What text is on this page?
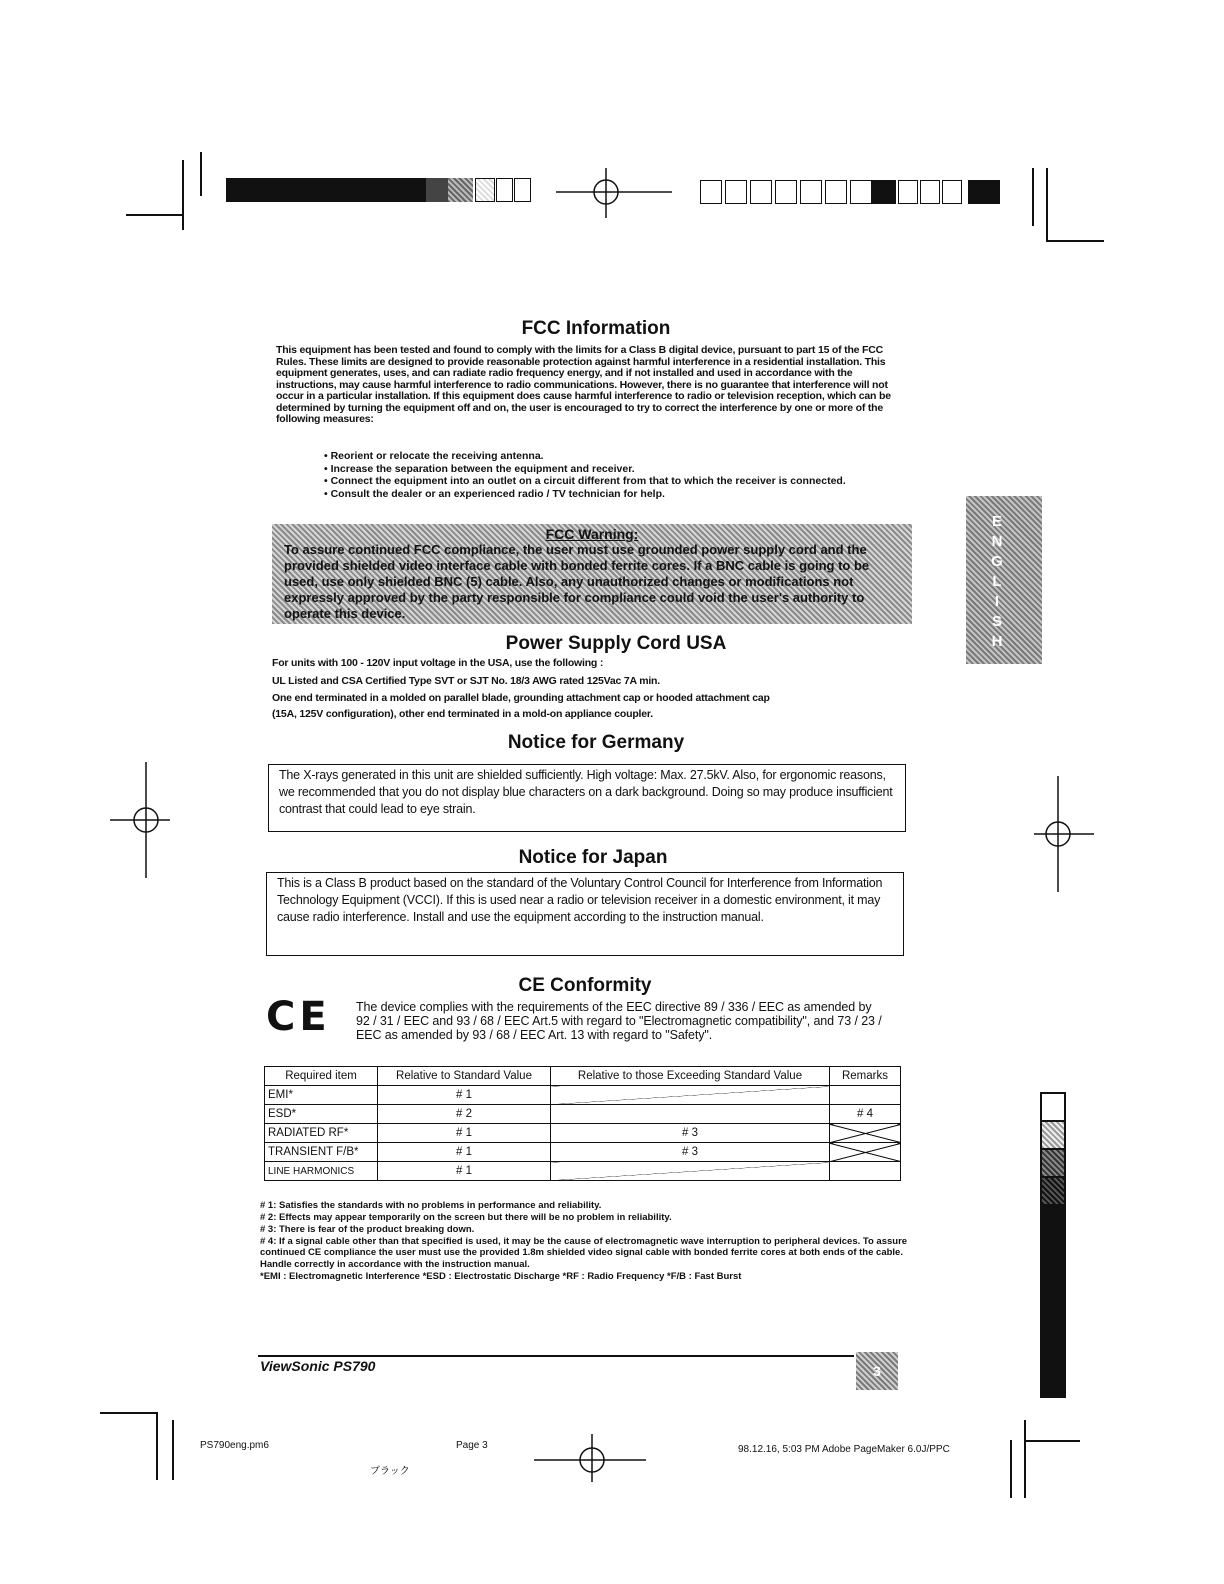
E
N
G
L
I
S
H
FCC Information
This equipment has been tested and found to comply with the limits for a Class B digital device, pursuant to part 15 of the FCC Rules. These limits are designed to provide reasonable protection against harmful interference in a residential installation. This equipment generates, uses, and can radiate radio frequency energy, and if not installed and used in accordance with the instructions, may cause harmful interference to radio communications. However, there is no guarantee that interference will not occur in a particular installation. If this equipment does cause harmful interference to radio or television reception, which can be determined by turning the equipment off and on, the user is encouraged to try to correct the interference by one or more of the following measures:
• Reorient or relocate the receiving antenna.
• Increase the separation between the equipment and receiver.
• Connect the equipment into an outlet on a circuit different from that to which the receiver is connected.
• Consult the dealer or an experienced radio / TV technician for help.
FCC Warning:
To assure continued FCC compliance, the user must use grounded power supply cord and the provided shielded video interface cable with bonded ferrite cores. If a BNC cable is going to be used, use only shielded BNC (5) cable. Also, any unauthorized changes or modifications not expressly approved by the party responsible for compliance could void the user's authority to operate this device.
Power Supply Cord USA
For units with 100 - 120V input voltage in the USA, use the following :
UL Listed and CSA Certified Type SVT or SJT No. 18/3 AWG rated 125Vac 7A min.
One end terminated in a molded on parallel blade, grounding attachment cap or hooded attachment cap
(15A, 125V configuration), other end terminated in a mold-on appliance coupler.
Notice for Germany
The X-rays generated in this unit are shielded sufficiently. High voltage: Max. 27.5kV. Also, for ergonomic reasons, we recommended that you do not display blue characters on a dark background. Doing so may produce insufficient contrast that could lead to eye strain.
Notice for Japan
This is a Class B product based on the standard of the Voluntary Control Council for Interference from Information Technology Equipment (VCCI). If this is used near a radio or television receiver in a domestic environment, it may cause radio interference. Install and use the equipment according to the instruction manual.
CE Conformity
CE The device complies with the requirements of the EEC directive 89 / 336 / EEC as amended by 92 / 31 / EEC and 93 / 68 / EEC Art.5 with regard to "Electromagnetic compatibility", and 73 / 23 / EEC as amended by 93 / 68 / EEC Art. 13 with regard to "Safety".
Required item	Relative to Standard Value	Relative to those Exceeding Standard Value	Remarks
EMI*	# 1		
ESD*	# 2		# 4
RADIATED RF*	# 1	# 3	
TRANSIENT F/B*	# 1	# 3	
LINE HARMONICS	# 1		
# 1: Satisfies the standards with no problems in performance and reliability.
# 2: Effects may appear temporarily on the screen but there will be no problem in reliability.
# 3: There is fear of the product breaking down.
# 4: If a signal cable other than that specified is used, it may be the cause of electromagnetic wave interruption to peripheral devices. To assure continued CE compliance the user must use the provided 1.8m shielded video signal cable with bonded ferrite cores at both ends of the cable.
Handle correctly in accordance with the instruction manual.
*EMI : Electromagnetic Interference *ESD : Electrostatic Discharge *RF : Radio Frequency *F/B : Fast Burst
ViewSonic PS790	3
PS790eng.pm6	Page 3	98.12.16, 5:03 PM Adobe PageMaker 6.0J/PPC
ブラック
